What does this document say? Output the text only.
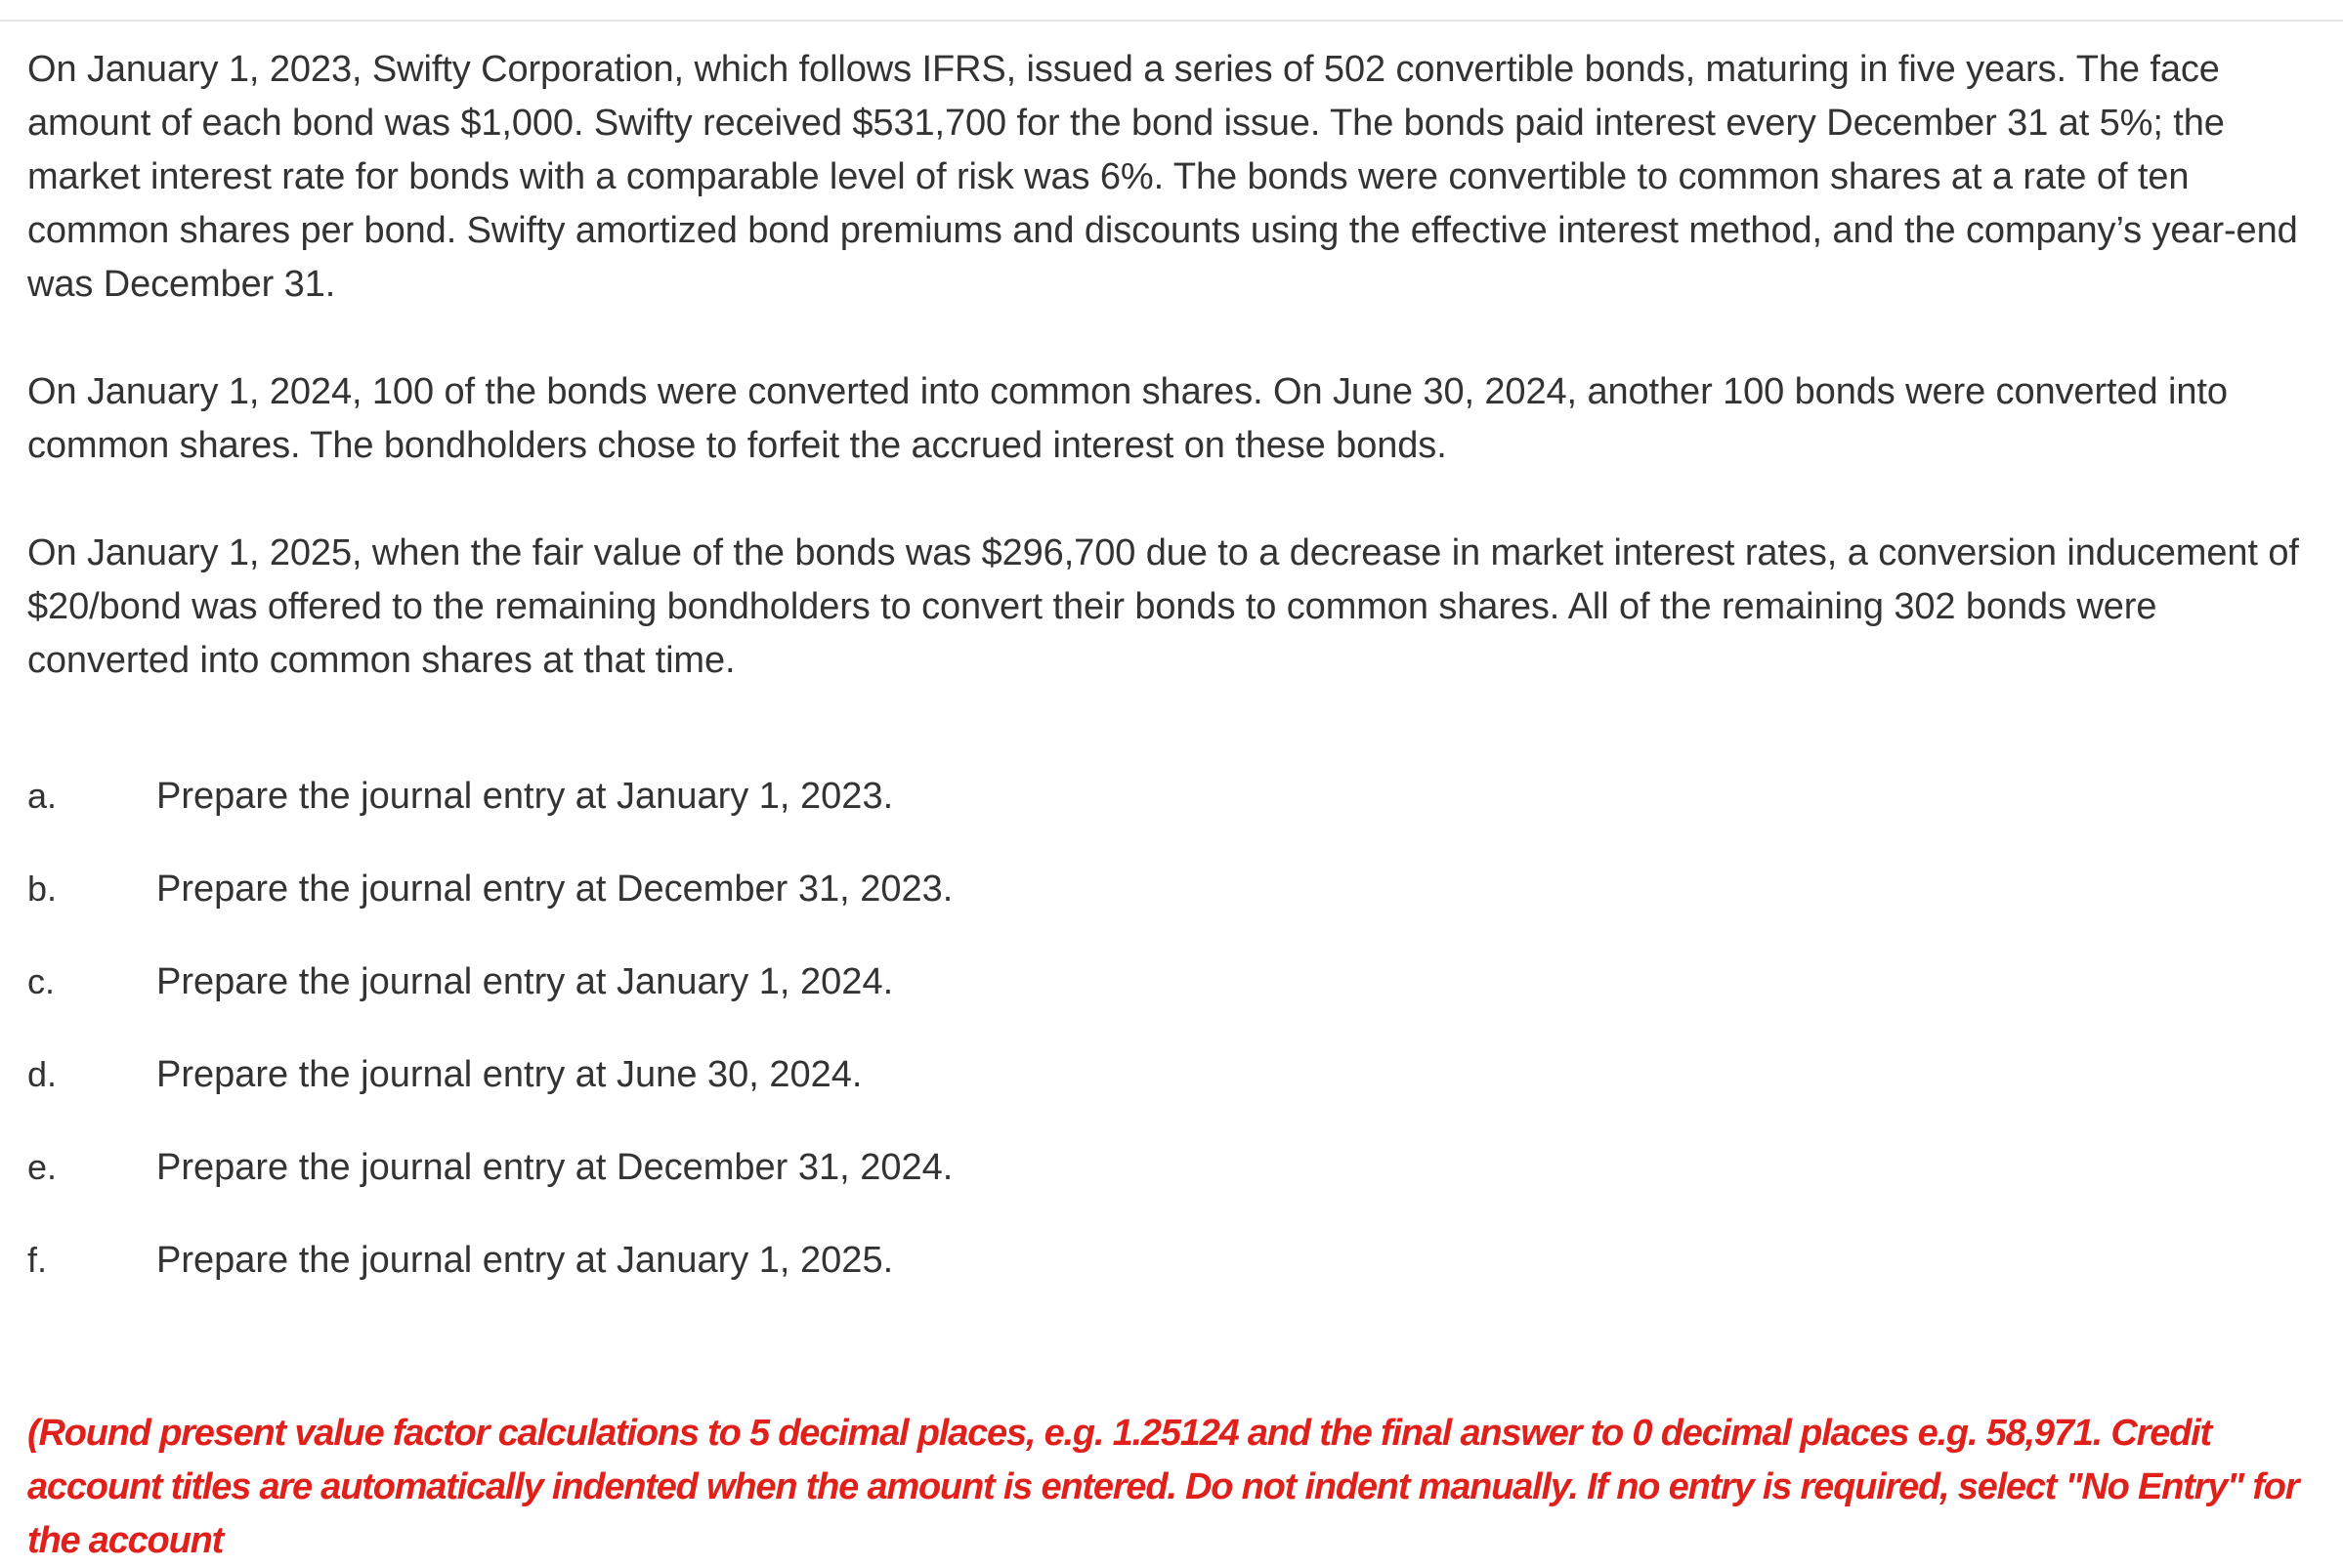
On January 1, 2023, Swifty Corporation, which follows IFRS, issued a series of 502 convertible bonds, maturing in five years. The face amount of each bond was $1,000. Swifty received $531,700 for the bond issue. The bonds paid interest every December 31 at 5%; the market interest rate for bonds with a comparable level of risk was 6%. The bonds were convertible to common shares at a rate of ten common shares per bond. Swifty amortized bond premiums and discounts using the effective interest method, and the company’s year-end was December 31.

On January 1, 2024, 100 of the bonds were converted into common shares. On June 30, 2024, another 100 bonds were converted into common shares. The bondholders chose to forfeit the accrued interest on these bonds.

On January 1, 2025, when the fair value of the bonds was $296,700 due to a decrease in market interest rates, a conversion inducement of $20/bond was offered to the remaining bondholders to convert their bonds to common shares. All of the remaining 302 bonds were converted into common shares at that time.

a.	Prepare the journal entry at January 1, 2023.
b.	Prepare the journal entry at December 31, 2023.
c.	Prepare the journal entry at January 1, 2024.
d.	Prepare the journal entry at June 30, 2024.
e.	Prepare the journal entry at December 31, 2024.
f.	Prepare the journal entry at January 1, 2025.

(Round present value factor calculations to 5 decimal places, e.g. 1.25124 and the final answer to 0 decimal places e.g. 58,971. Credit account titles are automatically indented when the amount is entered. Do not indent manually. If no entry is required, select "No Entry" for the account
